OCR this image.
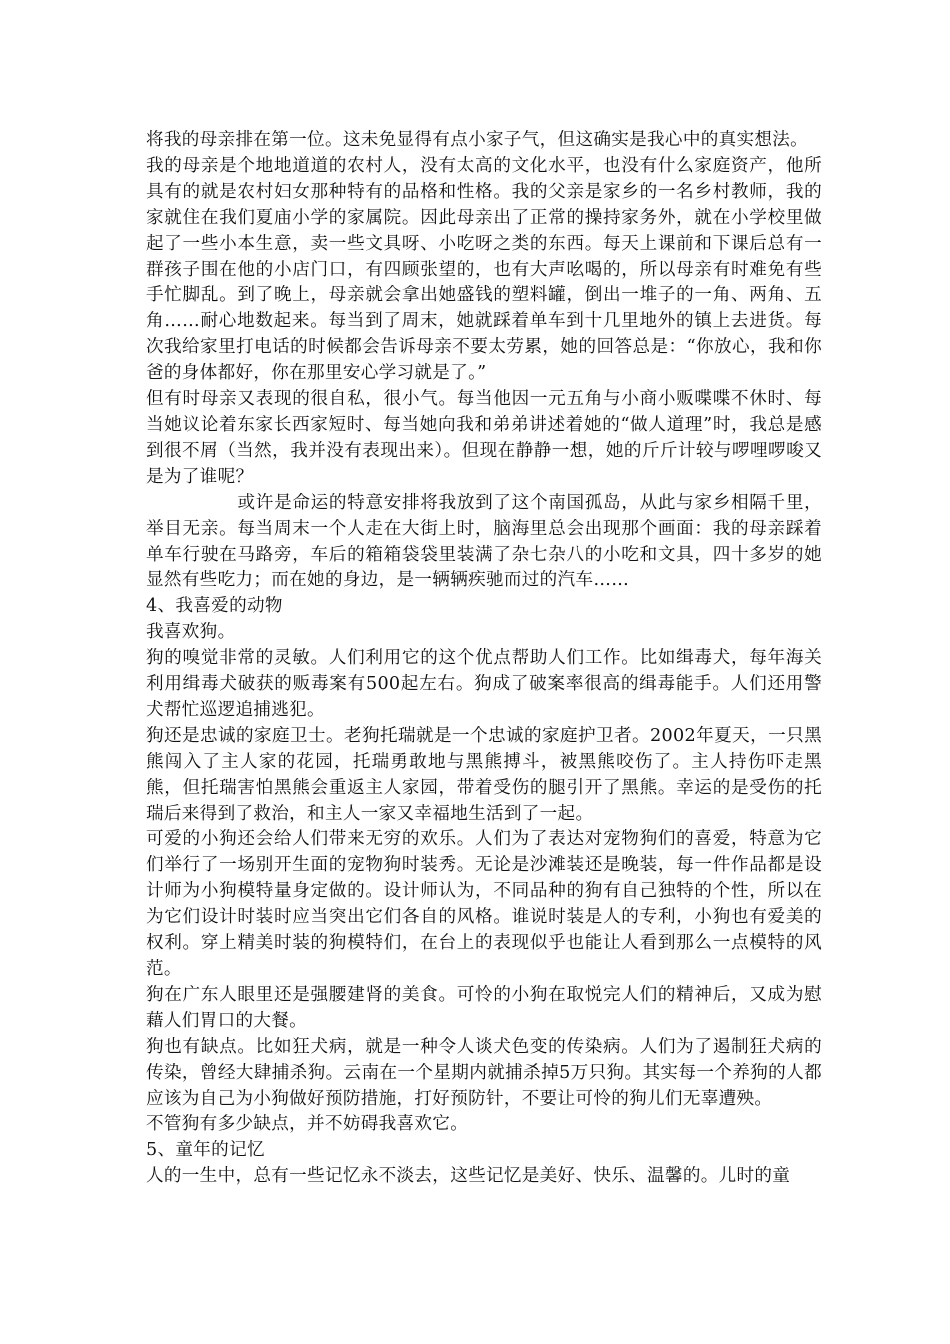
将我的母亲排在第一位。这未免显得有点小家子气，但这确实是我心中的真实想法。

我的母亲是个地地道道的农村人，没有太高的文化水平，也没有什么家庭资产，他所具有的就是农村妇女那种特有的品格和性格。我的父亲是家乡的一名乡村教师，我的家就住在我们夏庙小学的家属院。因此母亲出了正常的操持家务外，就在小学校里做起了一些小本生意，卖一些文具呀、小吃呀之类的东西。每天上课前和下课后总有一群孩子围在他的小店门口，有四顾张望的，也有大声吆喝的，所以母亲有时难免有些手忙脚乱。到了晚上，母亲就会拿出她盛钱的塑料罐，倒出一堆子的一角、两角、五角……耐心地数起来。每当到了周末，她就踩着单车到十几里地外的镇上去进货。每次我给家里打电话的时候都会告诉母亲不要太劳累，她的回答总是：“你放心，我和你爸的身体都好，你在那里安心学习就是了。”

但有时母亲又表现的很自私，很小气。每当他因一元五角与小商小贩喋喋不休时、每当她议论着东家长西家短时、每当她向我和弟弟讲述着她的“做人道理”时，我总是感到很不屑（当然，我并没有表现出来）。但现在静静一想，她的斤斤计较与啰哩啰唆又是为了谁呢？

或许是命运的特意安排将我放到了这个南国孤岛，从此与家乡相隔千里，举目无亲。每当周末一个人走在大街上时，脑海里总会出现那个画面：我的母亲踩着单车行驶在马路旁，车后的箱箱袋袋里装满了杂七杂八的小吃和文具，四十多岁的她显然有些吃力；而在她的身边，是一辆辆疾驰而过的汽车……

4、我喜爱的动物

我喜欢狗。

狗的嗅觉非常的灵敏。人们利用它的这个优点帮助人们工作。比如缉毒犬，每年海关利用缉毒犬破获的贩毒案有500起左右。狗成了破案率很高的缉毒能手。人们还用警犬帮忙巡逻追捕逃犯。

狗还是忠诚的家庭卫士。老狗托瑞就是一个忠诚的家庭护卫者。2002年夏天，一只黑熊闯入了主人家的花园，托瑞勇敢地与黑熊搏斗，被黑熊咬伤了。主人持伤吓走黑熊，但托瑞害怕黑熊会重返主人家园，带着受伤的腿引开了黑熊。幸运的是受伤的托瑞后来得到了救治，和主人一家又幸福地生活到了一起。

可爱的小狗还会给人们带来无穷的欢乐。人们为了表达对宠物狗们的喜爱，特意为它们举行了一场别开生面的宠物狗时装秀。无论是沙滩装还是晚装，每一件作品都是设计师为小狗模特量身定做的。设计师认为，不同品种的狗有自己独特的个性，所以在为它们设计时装时应当突出它们各自的风格。谁说时装是人的专利，小狗也有爱美的权利。穿上精美时装的狗模特们，在台上的表现似乎也能让人看到那么一点模特的风范。

狗在广东人眼里还是强腰建肾的美食。可怜的小狗在取悦完人们的精神后，又成为慰藉人们胃口的大餐。

狗也有缺点。比如狂犬病，就是一种令人谈犬色变的传染病。人们为了遏制狂犬病的传染，曾经大肆捕杀狗。云南在一个星期内就捕杀掉5万只狗。其实每一个养狗的人都应该为自己为小狗做好预防措施，打好预防针，不要让可怜的狗儿们无辜遭殃。

不管狗有多少缺点，并不妨碍我喜欢它。

5、童年的记忆

人的一生中，总有一些记忆永不淡去，这些记忆是美好、快乐、温馨的。儿时的童
